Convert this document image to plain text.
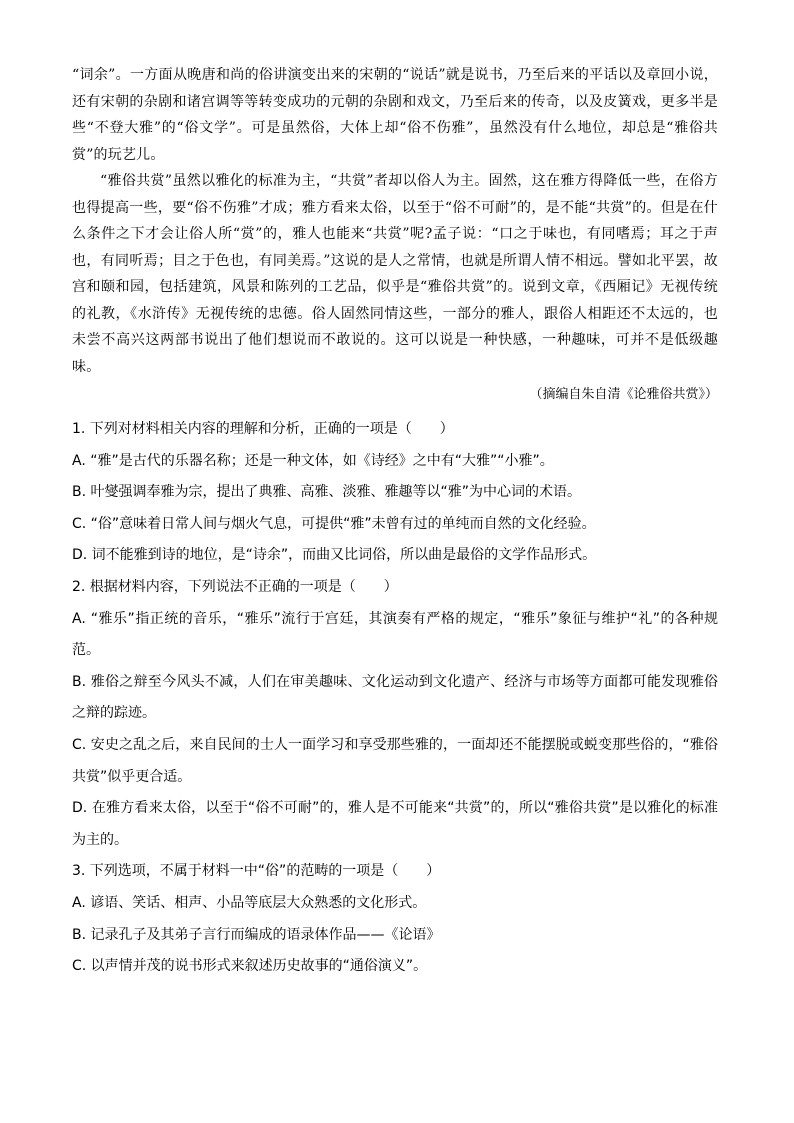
“词余”。一方面从晚唐和尚的俗讲演变出来的宋朝的“说话”就是说书，乃至后来的平话以及章回小说，还有宋朝的杂剧和诸宫调等等转变成功的元朝的杂剧和戏文，乃至后来的传奇，以及皮簧戏，更多半是些“不登大雅”的“俗文学”。可是虽然俗，大体上却“俗不伤雅”，虽然没有什么地位，却总是“雅俗共赏”的玩艺儿。

“雅俗共赏”虽然以雅化的标准为主，“共赏”者却以俗人为主。固然，这在雅方得降低一些，在俗方也得提高一些，要“俗不伤雅”才成；雅方看来太俗，以至于“俗不可耐”的，是不能“共赏”的。但是在什么条件之下才会让俗人所“赏”的，雅人也能来“共赏”呢?孟子说：“口之于味也，有同嗜焉；耳之于声也，有同听焉；目之于色也，有同美焉。”这说的是人之常情，也就是所谓人情不相远。譬如北平罢，故宫和颐和园，包括建筑，风景和陈列的工艺品，似乎是“雅俗共赏”的。说到文章，《西厢记》无视传统的礼教，《水浒传》无视传统的忠德。俗人固然同情这些，一部分的雅人，跟俗人相距还不太远的，也未尝不高兴这两部书说出了他们想说而不敢说的。这可以说是一种快感，一种趣味，可并不是低级趣味。

（摘编自朱自清《论雅俗共赏》）

1. 下列对材料相关内容的理解和分析，正确的一项是（　　）

A. “雅”是古代的乐器名称；还是一种文体，如《诗经》之中有“大雅”“小雅”。

B. 叶燮强调奉雅为宗，提出了典雅、高雅、淡雅、雅趣等以“雅”为中心词的术语。

C. “俗”意味着日常人间与烟火气息，可提供“雅”未曾有过的单纯而自然的文化经验。

D. 词不能雅到诗的地位，是“诗余”，而曲又比词俗，所以曲是最俗的文学作品形式。

2. 根据材料内容，下列说法不正确的一项是（　　）

A. “雅乐”指正统的音乐，“雅乐”流行于宫廷，其演奏有严格的规定，“雅乐”象征与维护“礼”的各种规范。

B. 雅俗之辩至今风头不减，人们在审美趣味、文化运动到文化遗产、经济与市场等方面都可能发现雅俗之辩的踪迹。

C. 安史之乱之后，来自民间的士人一面学习和享受那些雅的，一面却还不能摆脱或蜕变那些俗的，“雅俗共赏”似乎更合适。

D. 在雅方看来太俗，以至于“俗不可耐”的，雅人是不可能来“共赏”的，所以“雅俗共赏”是以雅化的标准为主的。

3. 下列选项，不属于材料一中“俗”的范畴的一项是（　　）

A. 谚语、笑话、相声、小品等底层大众熟悉的文化形式。

B. 记录孔子及其弟子言行而编成的语录体作品——《论语》

C. 以声情并茂的说书形式来叙述历史故事的“通俗演义”。
